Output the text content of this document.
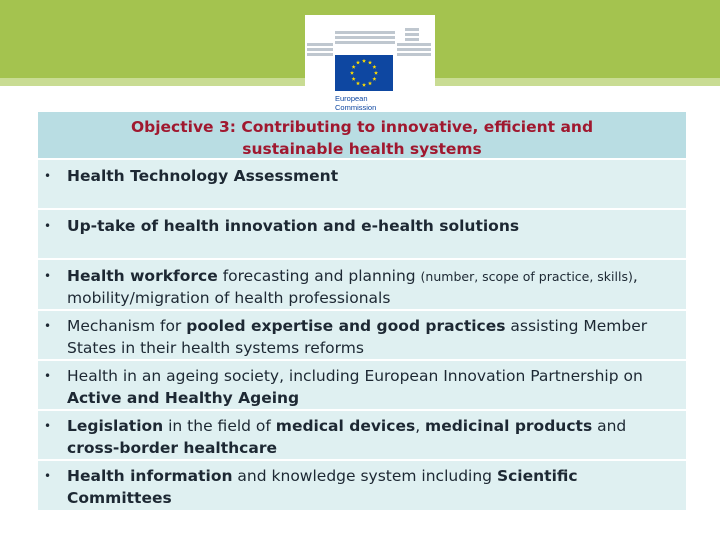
European
Commission
Objective 3: Contributing to innovative, efficient and
sustainable health systems
• Health Technology Assessment
• Up-take of health innovation and e-health solutions
• Health workforce forecasting and planning (number, scope of practice, skills), mobility/migration of health professionals
• Mechanism for pooled expertise and good practices assisting Member States in their health systems reforms
• Health in an ageing society, including European Innovation Partnership on Active and Healthy Ageing
• Legislation in the field of medical devices, medicinal products and cross-border healthcare
• Health information and knowledge system including Scientific Committees
